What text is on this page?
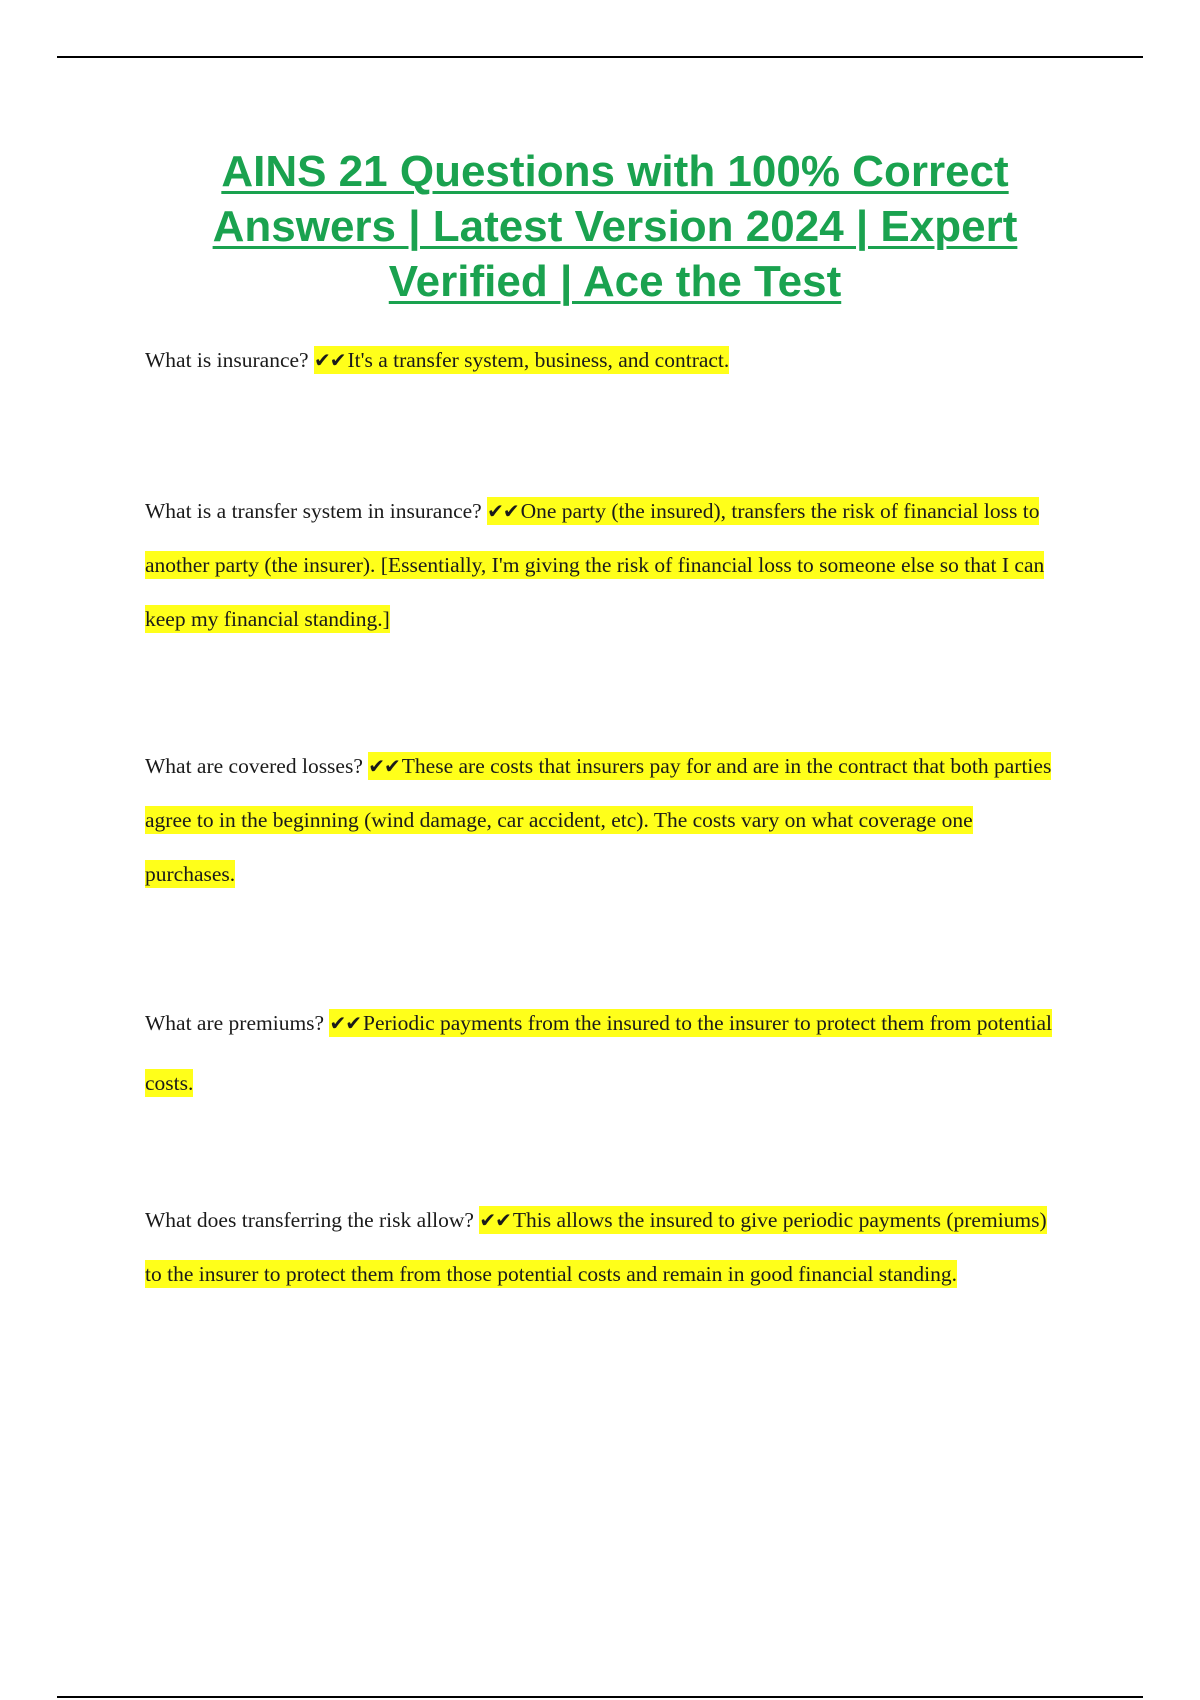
AINS 21 Questions with 100% Correct Answers | Latest Version 2024 | Expert Verified | Ace the Test

What is insurance? ✔✔It's a transfer system, business, and contract.

What is a transfer system in insurance? ✔✔One party (the insured), transfers the risk of financial loss to another party (the insurer). [Essentially, I'm giving the risk of financial loss to someone else so that I can keep my financial standing.]

What are covered losses? ✔✔These are costs that insurers pay for and are in the contract that both parties agree to in the beginning (wind damage, car accident, etc). The costs vary on what coverage one purchases.

What are premiums? ✔✔Periodic payments from the insured to the insurer to protect them from potential costs.

What does transferring the risk allow? ✔✔This allows the insured to give periodic payments (premiums) to the insurer to protect them from those potential costs and remain in good financial standing.
